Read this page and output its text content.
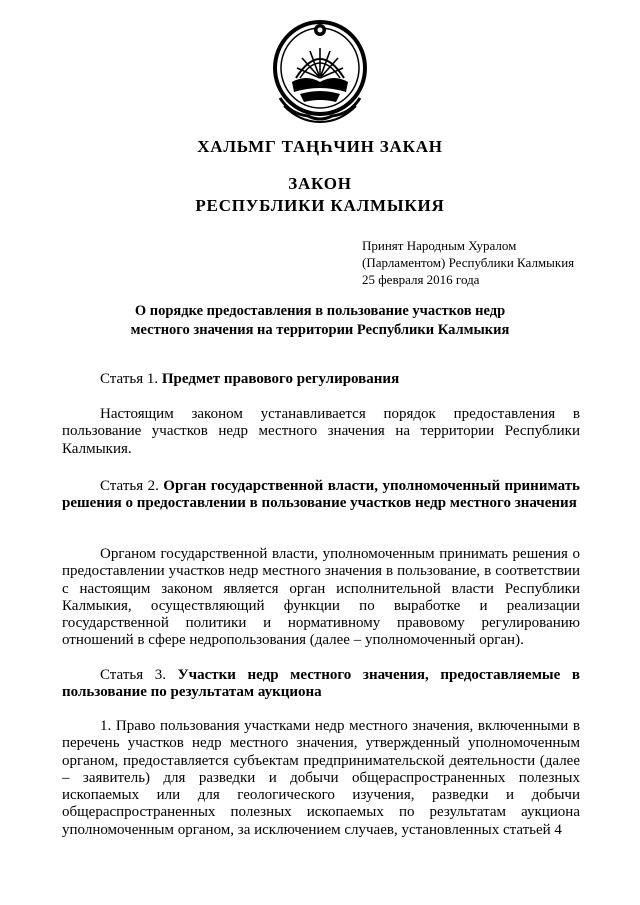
ХАЛЬМГ ТАҢҺЧИН ЗАКАН
ЗАКОН
РЕСПУБЛИКИ КАЛМЫКИЯ
Принят Народным Хуралом
(Парламентом) Республики Калмыкия
25 февраля 2016 года
О порядке предоставления в пользование участков недр
местного значения на территории Республики Калмыкия
Статья 1. Предмет правового регулирования
Настоящим законом устанавливается порядок предоставления в пользование участков недр местного значения на территории Республики Калмыкия.
Статья 2. Орган государственной власти, уполномоченный принимать решения о предоставлении в пользование участков недр местного значения
Органом государственной власти, уполномоченным принимать решения о предоставлении участков недр местного значения в пользование, в соответствии с настоящим законом является орган исполнительной власти Республики Калмыкия, осуществляющий функции по выработке и реализации государственной политики и нормативному правовому регулированию отношений в сфере недропользования (далее – уполномоченный орган).
Статья 3. Участки недр местного значения, предоставляемые в пользование по результатам аукциона
1. Право пользования участками недр местного значения, включенными в перечень участков недр местного значения, утвержденный уполномоченным органом, предоставляется субъектам предпринимательской деятельности (далее – заявитель) для разведки и добычи общераспространенных полезных ископаемых или для геологического изучения, разведки и добычи общераспространенных полезных ископаемых по результатам аукциона уполномоченным органом, за исключением случаев, установленных статьей 4
